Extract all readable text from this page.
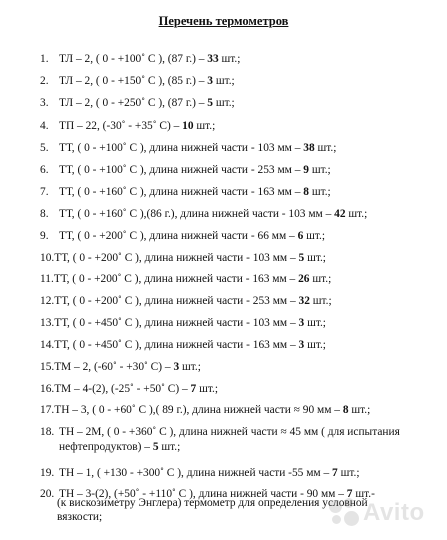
Перечень термометров
1. ТЛ – 2, ( 0 - +100˚ С ), (87 г.) – 33 шт.;
2. ТЛ – 2, ( 0 - +150˚ С ), (85 г.) – 3 шт.;
3. ТЛ – 2, ( 0 - +250˚ С ), (87 г.) – 5 шт.;
4. ТП – 22, (-30˚ - +35˚ С) – 10 шт.;
5. ТТ, ( 0 - +100˚ С ), длина нижней части - 103 мм – 38 шт.;
6. ТТ, ( 0 - +100˚ С ), длина нижней части - 253 мм – 9 шт.;
7. ТТ, ( 0 - +160˚ С ), длина нижней части - 163 мм – 8 шт.;
8. ТТ, ( 0 - +160˚ С ),(86 г.), длина нижней части - 103 мм – 42 шт.;
9. ТТ, ( 0 - +200˚ С ), длина нижней части - 66 мм – 6 шт.;
10.ТТ, ( 0 - +200˚ С ), длина нижней части - 103 мм – 5 шт.;
11.ТТ, ( 0 - +200˚ С ), длина нижней части - 163 мм – 26 шт.;
12.ТТ, ( 0 - +200˚ С ), длина нижней части - 253 мм – 32 шт.;
13.ТТ, ( 0 - +450˚ С ), длина нижней части - 103 мм – 3 шт.;
14.ТТ, ( 0 - +450˚ С ), длина нижней части - 163 мм – 3 шт.;
15.ТМ – 2, (-60˚ - +30˚ С) – 3 шт.;
16.ТМ – 4-(2), (-25˚ - +50˚ С) – 7 шт.;
17.ТН – 3, ( 0 - +60˚ С ),( 89 г.), длина нижней части ≈ 90 мм – 8 шт.;
18. ТН – 2М, ( 0 - +360˚ С ), длина нижней части ≈ 45 мм ( для испытания
19. ТН – 1, ( +130 - +300˚ С ), длина нижней части -55 мм – 7 шт.;
20. ТН – 3-(2), (+50˚ - +110˚ С ), длина нижней части - 90 мм – 7 шт.-
нефтепродуктов) – 5 шт.;
(к вискозиметру Энглера) термометр для определения условной
вязкости;	Avito
